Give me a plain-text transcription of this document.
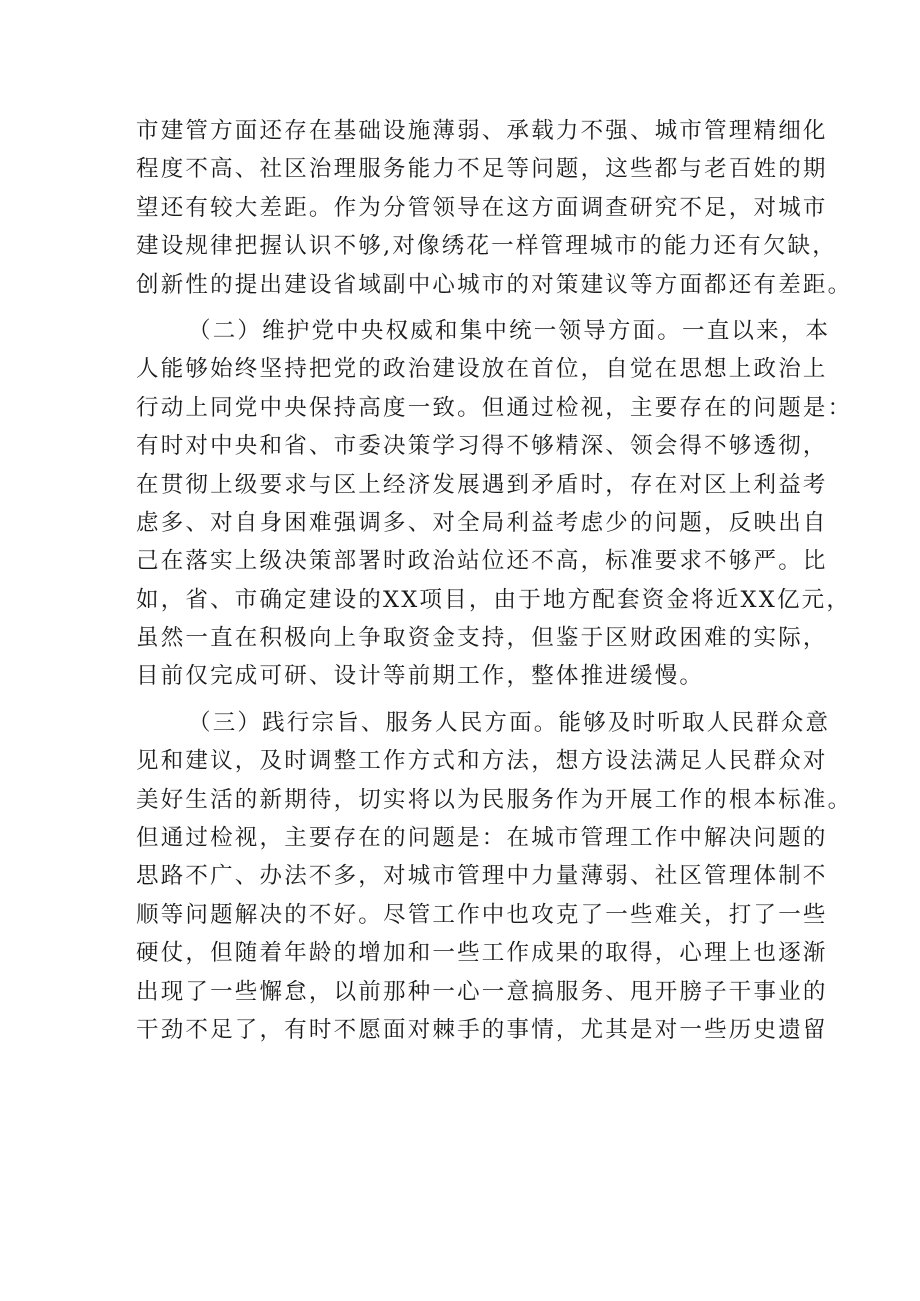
市建管方面还存在基础设施薄弱、承载力不强、城市管理精细化
程度不高、社区治理服务能力不足等问题，这些都与老百姓的期
望还有较大差距。作为分管领导在这方面调查研究不足，对城市
建设规律把握认识不够,对像绣花一样管理城市的能力还有欠缺，
创新性的提出建设省域副中心城市的对策建议等方面都还有差距。
（二）维护党中央权威和集中统一领导方面。一直以来，本
人能够始终坚持把党的政治建设放在首位，自觉在思想上政治上
行动上同党中央保持高度一致。但通过检视，主要存在的问题是：
有时对中央和省、市委决策学习得不够精深、领会得不够透彻，
在贯彻上级要求与区上经济发展遇到矛盾时，存在对区上利益考
虑多、对自身困难强调多、对全局利益考虑少的问题，反映出自
己在落实上级决策部署时政治站位还不高，标准要求不够严。比
如，省、市确定建设的XX项目，由于地方配套资金将近XX亿元，
虽然一直在积极向上争取资金支持，但鉴于区财政困难的实际，
目前仅完成可研、设计等前期工作，整体推进缓慢。
（三）践行宗旨、服务人民方面。能够及时听取人民群众意
见和建议，及时调整工作方式和方法，想方设法满足人民群众对
美好生活的新期待，切实将以为民服务作为开展工作的根本标准。
但通过检视，主要存在的问题是：在城市管理工作中解决问题的
思路不广、办法不多，对城市管理中力量薄弱、社区管理体制不
顺等问题解决的不好。尽管工作中也攻克了一些难关，打了一些
硬仗，但随着年龄的增加和一些工作成果的取得，心理上也逐渐
出现了一些懈怠，以前那种一心一意搞服务、甩开膀子干事业的
干劲不足了，有时不愿面对棘手的事情，尤其是对一些历史遗留
